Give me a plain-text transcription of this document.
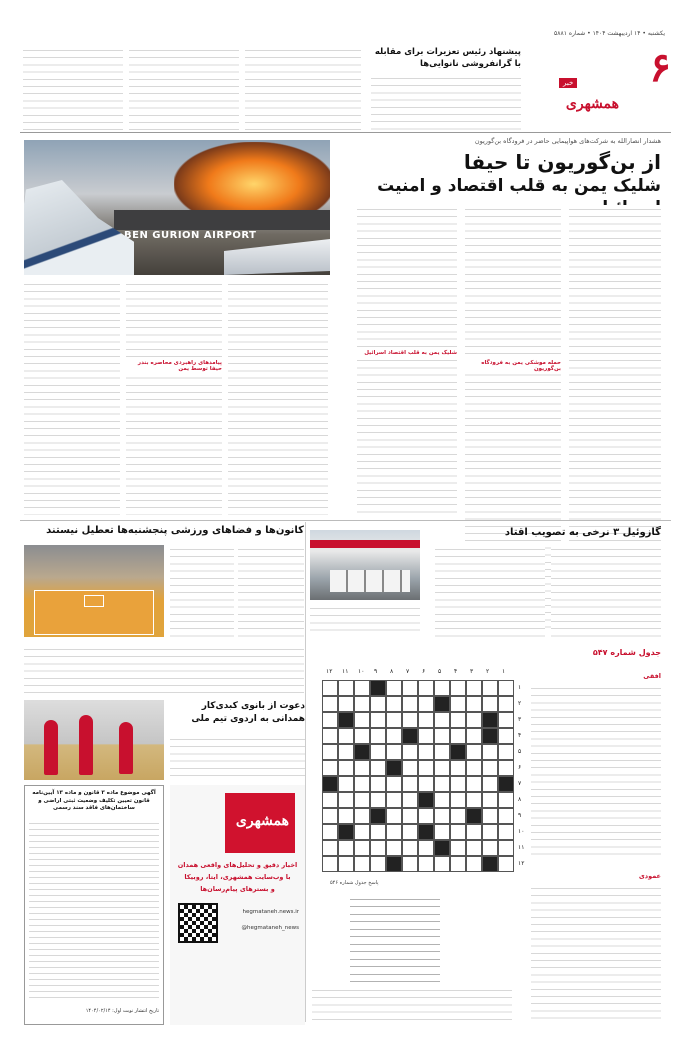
یکشنبه • ۱۴ اردیبهشت ۱۴۰۴ • شماره ۵۸۸۱
۶
خبر
همشهری
پیشنهاد رئیس تعزیرات برای مقابله با گرانفروشی نانوایی‌ها
هشدار انصارالله به شرکت‌های هواپیمایی حاضر در فرودگاه بن‌گوریون
از بن‌گوریون تا حیفا
شلیک یمن به قلب اقتصاد و امنیت
BEN GURION AIRPORT
حمله موشکی یمن به فرودگاه بن‌گوریون
شلیک یمن به قلب اقتصاد اسرائیل
پیامدهای راهبردی محاصره بندر حیفا توسط یمن
گازوئیل ۳ نرخی به تصویب اقتاد
کانون‌ها و فضاهای ورزشی پنجشنبه‌ها تعطیل نیستند
دعوت از بانوی کبدی‌کار همدانی به اردوی تیم ملی
همشهری
اخبار دقیق و تحلیل‌های واقعی همدان
با وب‌سایت همشهری، ایتا، روبیکا
و بسترهای پیام‌رسان‌ها
hegmataneh.news.ir
@hegmataneh_news
آگهی موضوع ماده ۳ قانون و ماده ۱۳ آیین‌نامه قانون تعیین تکلیف وضعیت ثبتی اراضی و ساختمان‌های فاقد سند رسمی
تاریخ انتشار نوبت اول: ۱۴۰۴/۰۲/۱۴
جدول شماره ۵۴۷
۱
۲
۳
۴
۵
۶
۷
۸
۹
۱۰
۱۱
۱۲
۱
۲
۳
۴
۵
۶
۷
۸
۹
۱۰
۱۱
۱۲
افقی
عمودی
پاسخ جدول شماره ۵۴۶
